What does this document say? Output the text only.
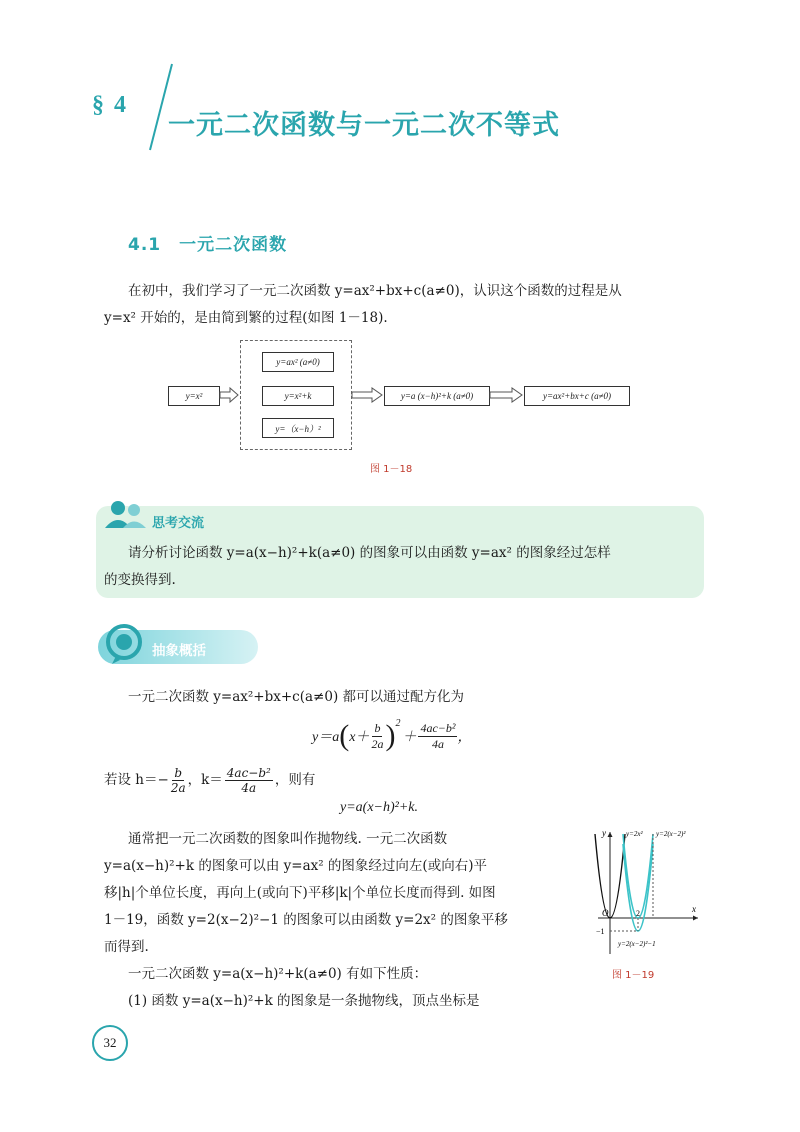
§ 4
一元二次函数与一元二次不等式
4.1　一元二次函数
在初中，我们学习了一元二次函数 y=ax²+bx+c(a≠0)，认识这个函数的过程是从
y=x² 开始的，是由简到繁的过程(如图 1－18).
y=x²
y=ax² (a≠0)
y=x²+k
y=（x−h）²
y=a (x−h)²+k (a≠0)	y=ax²+bx+c (a≠0)
图 1－18
思考交流
请分析讨论函数 y=a(x−h)²+k(a≠0) 的图象可以由函数 y=ax² 的图象经过怎样
的变换得到.
抽象概括
一元二次函数 y=ax²+bx+c(a≠0) 都可以通过配方化为
y＝a ( x＋
b
2a ) 2
＋ $\frac{\text{4ac−b²}}{4a}$ ，
若设 $h=- \frac{b}{2a}$ ，$k= \frac{\text{4ac−b²}}{4a}$ ，则有
y=a(x−h)²+k.
通常把一元二次函数的图象叫作抛物线. 一元二次函数
y=a(x−h)²+k 的图象可以由 y=ax² 的图象经过向左(或向右)平
移|h|个单位长度，再向上(或向下)平移|k|个单位长度而得到. 如图
1－19，函数 y=2(x−2)²−1 的图象可以由函数 y=2x² 的图象平移
而得到.
一元二次函数 y=a(x−h)²+k(a≠0) 有如下性质：
(1) 函数 y=a(x−h)²+k 的图象是一条抛物线，顶点坐标是
y
x
O	2
−1
y=2x² y=2(x−2)²
y=2(x−2)²−1
图 1－19
32
